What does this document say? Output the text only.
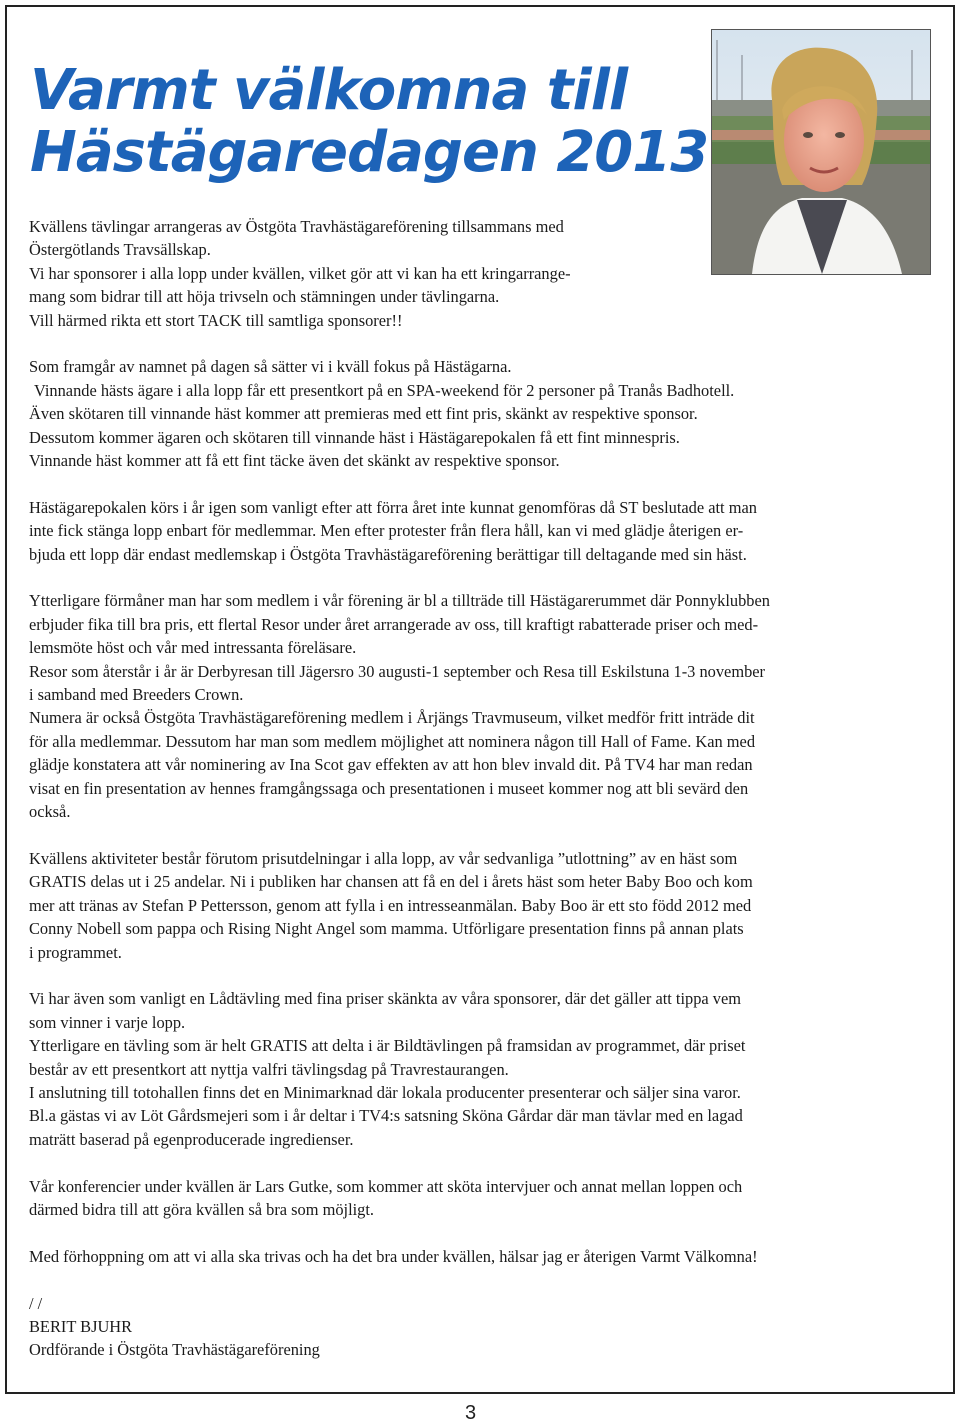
Varmt välkomna till
Hästägaredagen 2013

Kvällens tävlingar arrangeras av Östgöta Travhästägareförening tillsammans med
Östergötlands Travsällskap.
Vi har sponsorer i alla lopp under kvällen, vilket gör att vi kan ha ett kringarrange-
mang som bidrar till att höja trivseln och stämningen under tävlingarna.
Vill härmed rikta ett stort TACK till samtliga sponsorer!!

Som framgår av namnet på dagen så sätter vi i kväll fokus på Hästägarna.
Vinnande hästs ägare i alla lopp får ett presentkort på en SPA-weekend för 2 personer på Tranås Badhotell.
Även skötaren till vinnande häst kommer att premieras med ett fint pris, skänkt av respektive sponsor.
Dessutom kommer ägaren och skötaren till vinnande häst i Hästägarepokalen få ett fint minnespris.
Vinnande häst kommer att få ett fint täcke även det skänkt av respektive sponsor.

Hästägarepokalen körs i år igen som vanligt efter att förra året inte kunnat genomföras då ST beslutade att man
inte fick stänga lopp enbart för medlemmar. Men efter protester från flera håll, kan vi med glädje återigen er-
bjuda ett lopp där endast medlemskap i Östgöta Travhästägareförening berättigar till deltagande med sin häst.

Ytterligare förmåner man har som medlem i vår förening är bl a tillträde till Hästägarerummet där Ponnyklubben
erbjuder fika till bra pris, ett flertal Resor under året arrangerade av oss, till kraftigt rabatterade priser och med-
lemsmöte höst och vår med intressanta föreläsare.
Resor som återstår i år är Derbyresan till Jägersro 30 augusti-1 september och Resa till Eskilstuna 1-3 november
i samband med Breeders Crown.
Numera är också Östgöta Travhästägareförening medlem i Årjängs Travmuseum, vilket medför fritt inträde dit
för alla medlemmar. Dessutom har man som medlem möjlighet att nominera någon till Hall of Fame. Kan med
glädje konstatera att vår nominering av Ina Scot gav effekten av att hon blev invald dit. På TV4 har man redan
visat en fin presentation av hennes framgångssaga och presentationen i museet kommer nog att bli sevärd den
också.

Kvällens aktiviteter består förutom prisutdelningar i alla lopp, av vår sedvanliga ”utlottning” av en häst som
GRATIS delas ut i 25 andelar. Ni i publiken har chansen att få en del i årets häst som heter Baby Boo och kom
mer att tränas av Stefan P Pettersson, genom att fylla i en intresseanmälan. Baby Boo är ett sto född 2012 med
Conny Nobell som pappa och Rising Night Angel som mamma. Utförligare presentation finns på annan plats
i programmet.

Vi har även som vanligt en Lådtävling med fina priser skänkta av våra sponsorer, där det gäller att tippa vem
som vinner i varje lopp.
Ytterligare en tävling som är helt GRATIS att delta i är Bildtävlingen på framsidan av programmet, där priset
består av ett presentkort att nyttja valfri tävlingsdag på Travrestaurangen.
I anslutning till totohallen finns det en Minimarknad där lokala producenter presenterar och säljer sina varor.
Bl.a gästas vi av Löt Gårdsmejeri som i år deltar i TV4:s satsning Sköna Gårdar där man tävlar med en lagad
maträtt baserad på egenproducerade ingredienser.

Vår konferencier under kvällen är Lars Gutke, som kommer att sköta intervjuer och annat mellan loppen och
därmed bidra till att göra kvällen så bra som möjligt.

Med förhoppning om att vi alla ska trivas och ha det bra under kvällen, hälsar jag er återigen Varmt Välkomna!

/ /
BERIT BJUHR
Ordförande i Östgöta Travhästägareförening

3
